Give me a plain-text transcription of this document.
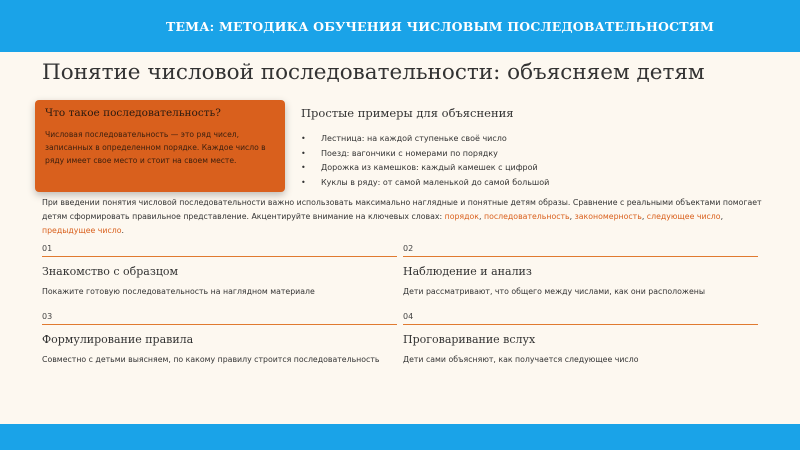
ТЕМА: МЕТОДИКА ОБУЧЕНИЯ ЧИСЛОВЫМ ПОСЛЕДОВАТЕЛЬНОСТЯМ
Понятие числовой последовательности: объясняем детям
Что такое последовательность?
Числовая последовательность — это ряд чисел, записанных в определенном порядке. Каждое число в ряду имеет свое место и стоит на своем месте.
Простые примеры для объяснения
• Лестница: на каждой ступеньке своё число
• Поезд: вагончики с номерами по порядку
• Дорожка из камешков: каждый камешек с цифрой
• Куклы в ряду: от самой маленькой до самой большой
При введении понятия числовой последовательности важно использовать максимально наглядные и понятные детям образы. Сравнение с реальными объектами помогает детям сформировать правильное представление. Акцентируйте внимание на ключевых словах: порядок, последовательность, закономерность, следующее число, предыдущее число.
01
Знакомство с образцом
Покажите готовую последовательность на наглядном материале
02
Наблюдение и анализ
Дети рассматривают, что общего между числами, как они расположены
03
Формулирование правила
Совместно с детьми выясняем, по какому правилу строится последовательность
04
Проговаривание вслух
Дети сами объясняют, как получается следующее число
